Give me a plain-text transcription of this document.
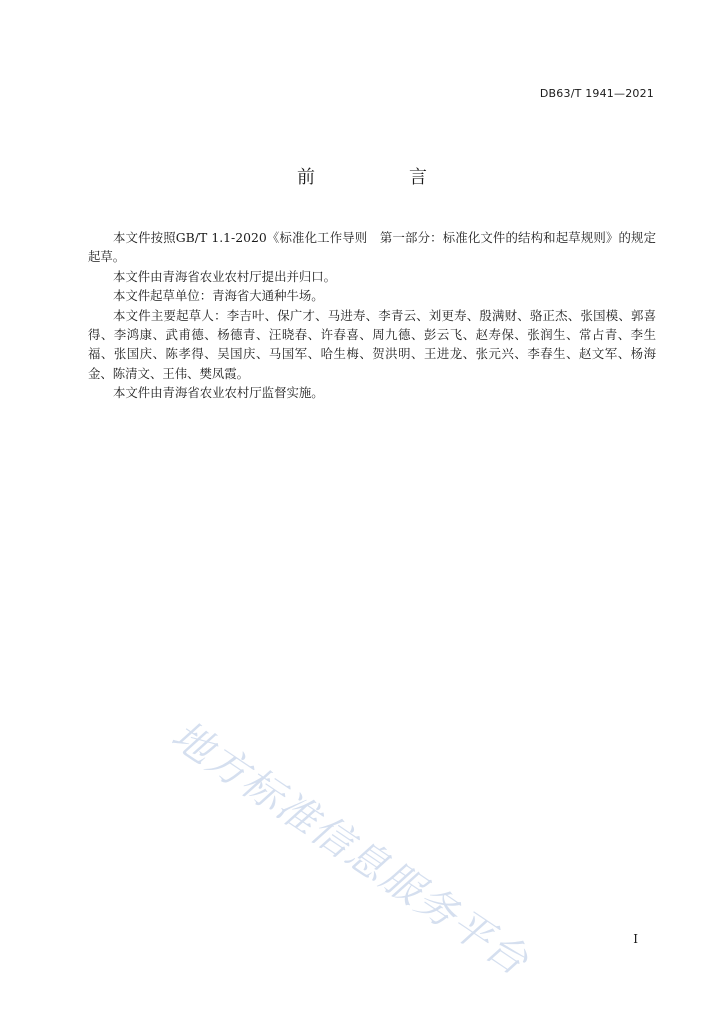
DB63/T 1941—2021
前　言

本文件按照GB/T 1.1-2020《标准化工作导则　第一部分：标准化文件的结构和起草规则》的规定起草。

本文件由青海省农业农村厅提出并归口。

本文件起草单位：青海省大通种牛场。

本文件主要起草人：李吉叶、保广才、马进寿、李青云、刘更寿、殷满财、骆正杰、张国模、郭喜得、李鸿康、武甫德、杨德青、汪晓春、许春喜、周九德、彭云飞、赵寿保、张润生、常占青、李生福、张国庆、陈孝得、吴国庆、马国军、哈生梅、贺洪明、王进龙、张元兴、李春生、赵文军、杨海金、陈清文、王伟、樊凤霞。

本文件由青海省农业农村厅监督实施。

地方标准信息服务平台	I
